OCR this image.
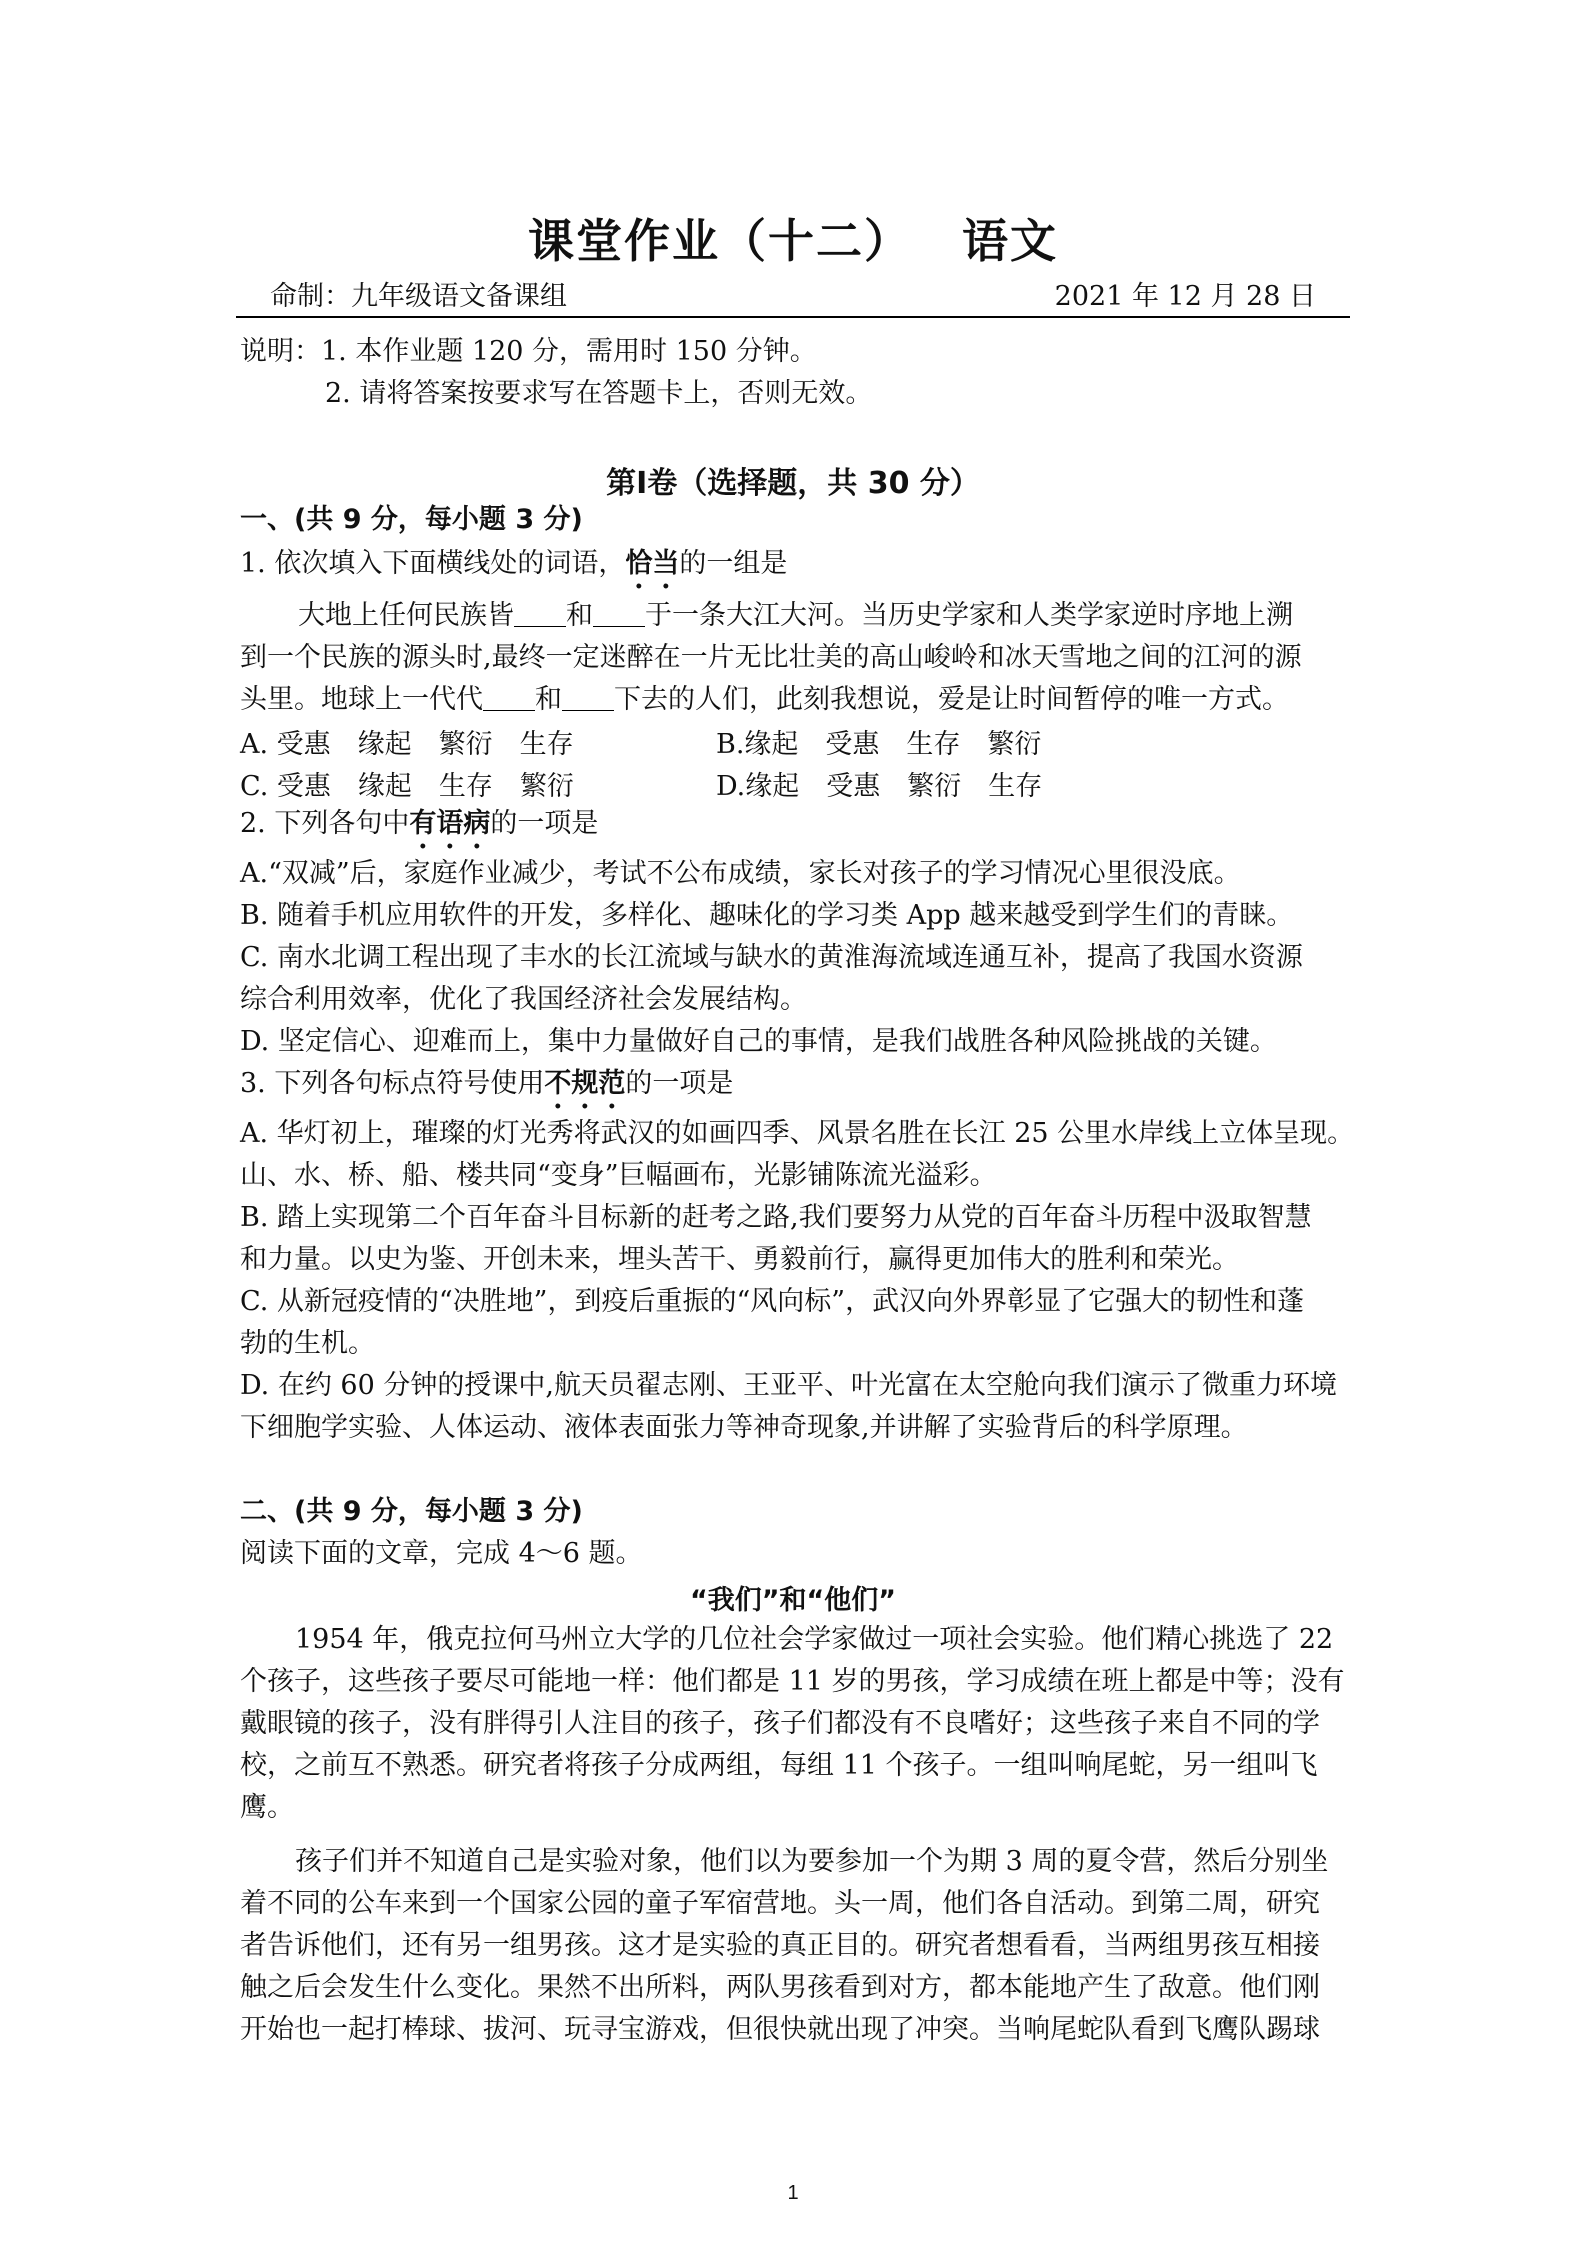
课堂作业（十二） 语文
命制：九年级语文备课组	2021 年 12 月 28 日
说明：1. 本作业题 120 分，需用时 150 分钟。
2. 请将答案按要求写在答题卡上，否则无效。
第Ⅰ卷（选择题，共 30 分）
一、(共 9 分，每小题 3 分)
1. 依次填入下面横线处的词语，恰当的一组是
大地上任何民族皆 和 于一条大江大河。当历史学家和人类学家逆时序地上溯
到一个民族的源头时,最终一定迷醉在一片无比壮美的高山峻岭和冰天雪地之间的江河的源
头里。地球上一代代 和 下去的人们，此刻我想说，爱是让时间暂停的唯一方式。
A. 受惠　缘起　繁衍　生存	B.缘起　受惠　生存　繁衍
C. 受惠　缘起　生存　繁衍	D.缘起　受惠　繁衍　生存
2. 下列各句中有语病的一项是
A.“双减”后，家庭作业减少，考试不公布成绩，家长对孩子的学习情况心里很没底。
B. 随着手机应用软件的开发，多样化、趣味化的学习类 App 越来越受到学生们的青睐。
C. 南水北调工程出现了丰水的长江流域与缺水的黄淮海流域连通互补，提高了我国水资源
综合利用效率，优化了我国经济社会发展结构。
D. 坚定信心、迎难而上，集中力量做好自己的事情，是我们战胜各种风险挑战的关键。
3. 下列各句标点符号使用不规范的一项是
A. 华灯初上，璀璨的灯光秀将武汉的如画四季、风景名胜在长江 25 公里水岸线上立体呈现。
山、水、桥、船、楼共同“变身”巨幅画布，光影铺陈流光溢彩。
B. 踏上实现第二个百年奋斗目标新的赶考之路,我们要努力从党的百年奋斗历程中汲取智慧
和力量。以史为鉴、开创未来，埋头苦干、勇毅前行，赢得更加伟大的胜利和荣光。
C. 从新冠疫情的“决胜地”，到疫后重振的“风向标”，武汉向外界彰显了它强大的韧性和蓬
勃的生机。
D. 在约 60 分钟的授课中,航天员翟志刚、王亚平、叶光富在太空舱向我们演示了微重力环境
下细胞学实验、人体运动、液体表面张力等神奇现象,并讲解了实验背后的科学原理。
二、(共 9 分，每小题 3 分)
阅读下面的文章，完成 4～6 题。
“我们”和“他们”
1954 年，俄克拉何马州立大学的几位社会学家做过一项社会实验。他们精心挑选了 22
个孩子，这些孩子要尽可能地一样：他们都是 11 岁的男孩，学习成绩在班上都是中等；没有
戴眼镜的孩子，没有胖得引人注目的孩子，孩子们都没有不良嗜好；这些孩子来自不同的学
校，之前互不熟悉。研究者将孩子分成两组，每组 11 个孩子。一组叫响尾蛇，另一组叫飞
鹰。
孩子们并不知道自己是实验对象，他们以为要参加一个为期 3 周的夏令营，然后分别坐
着不同的公车来到一个国家公园的童子军宿营地。头一周，他们各自活动。到第二周，研究
者告诉他们，还有另一组男孩。这才是实验的真正目的。研究者想看看，当两组男孩互相接
触之后会发生什么变化。果然不出所料，两队男孩看到对方，都本能地产生了敌意。他们刚
开始也一起打棒球、拔河、玩寻宝游戏，但很快就出现了冲突。当响尾蛇队看到飞鹰队踢球
1
